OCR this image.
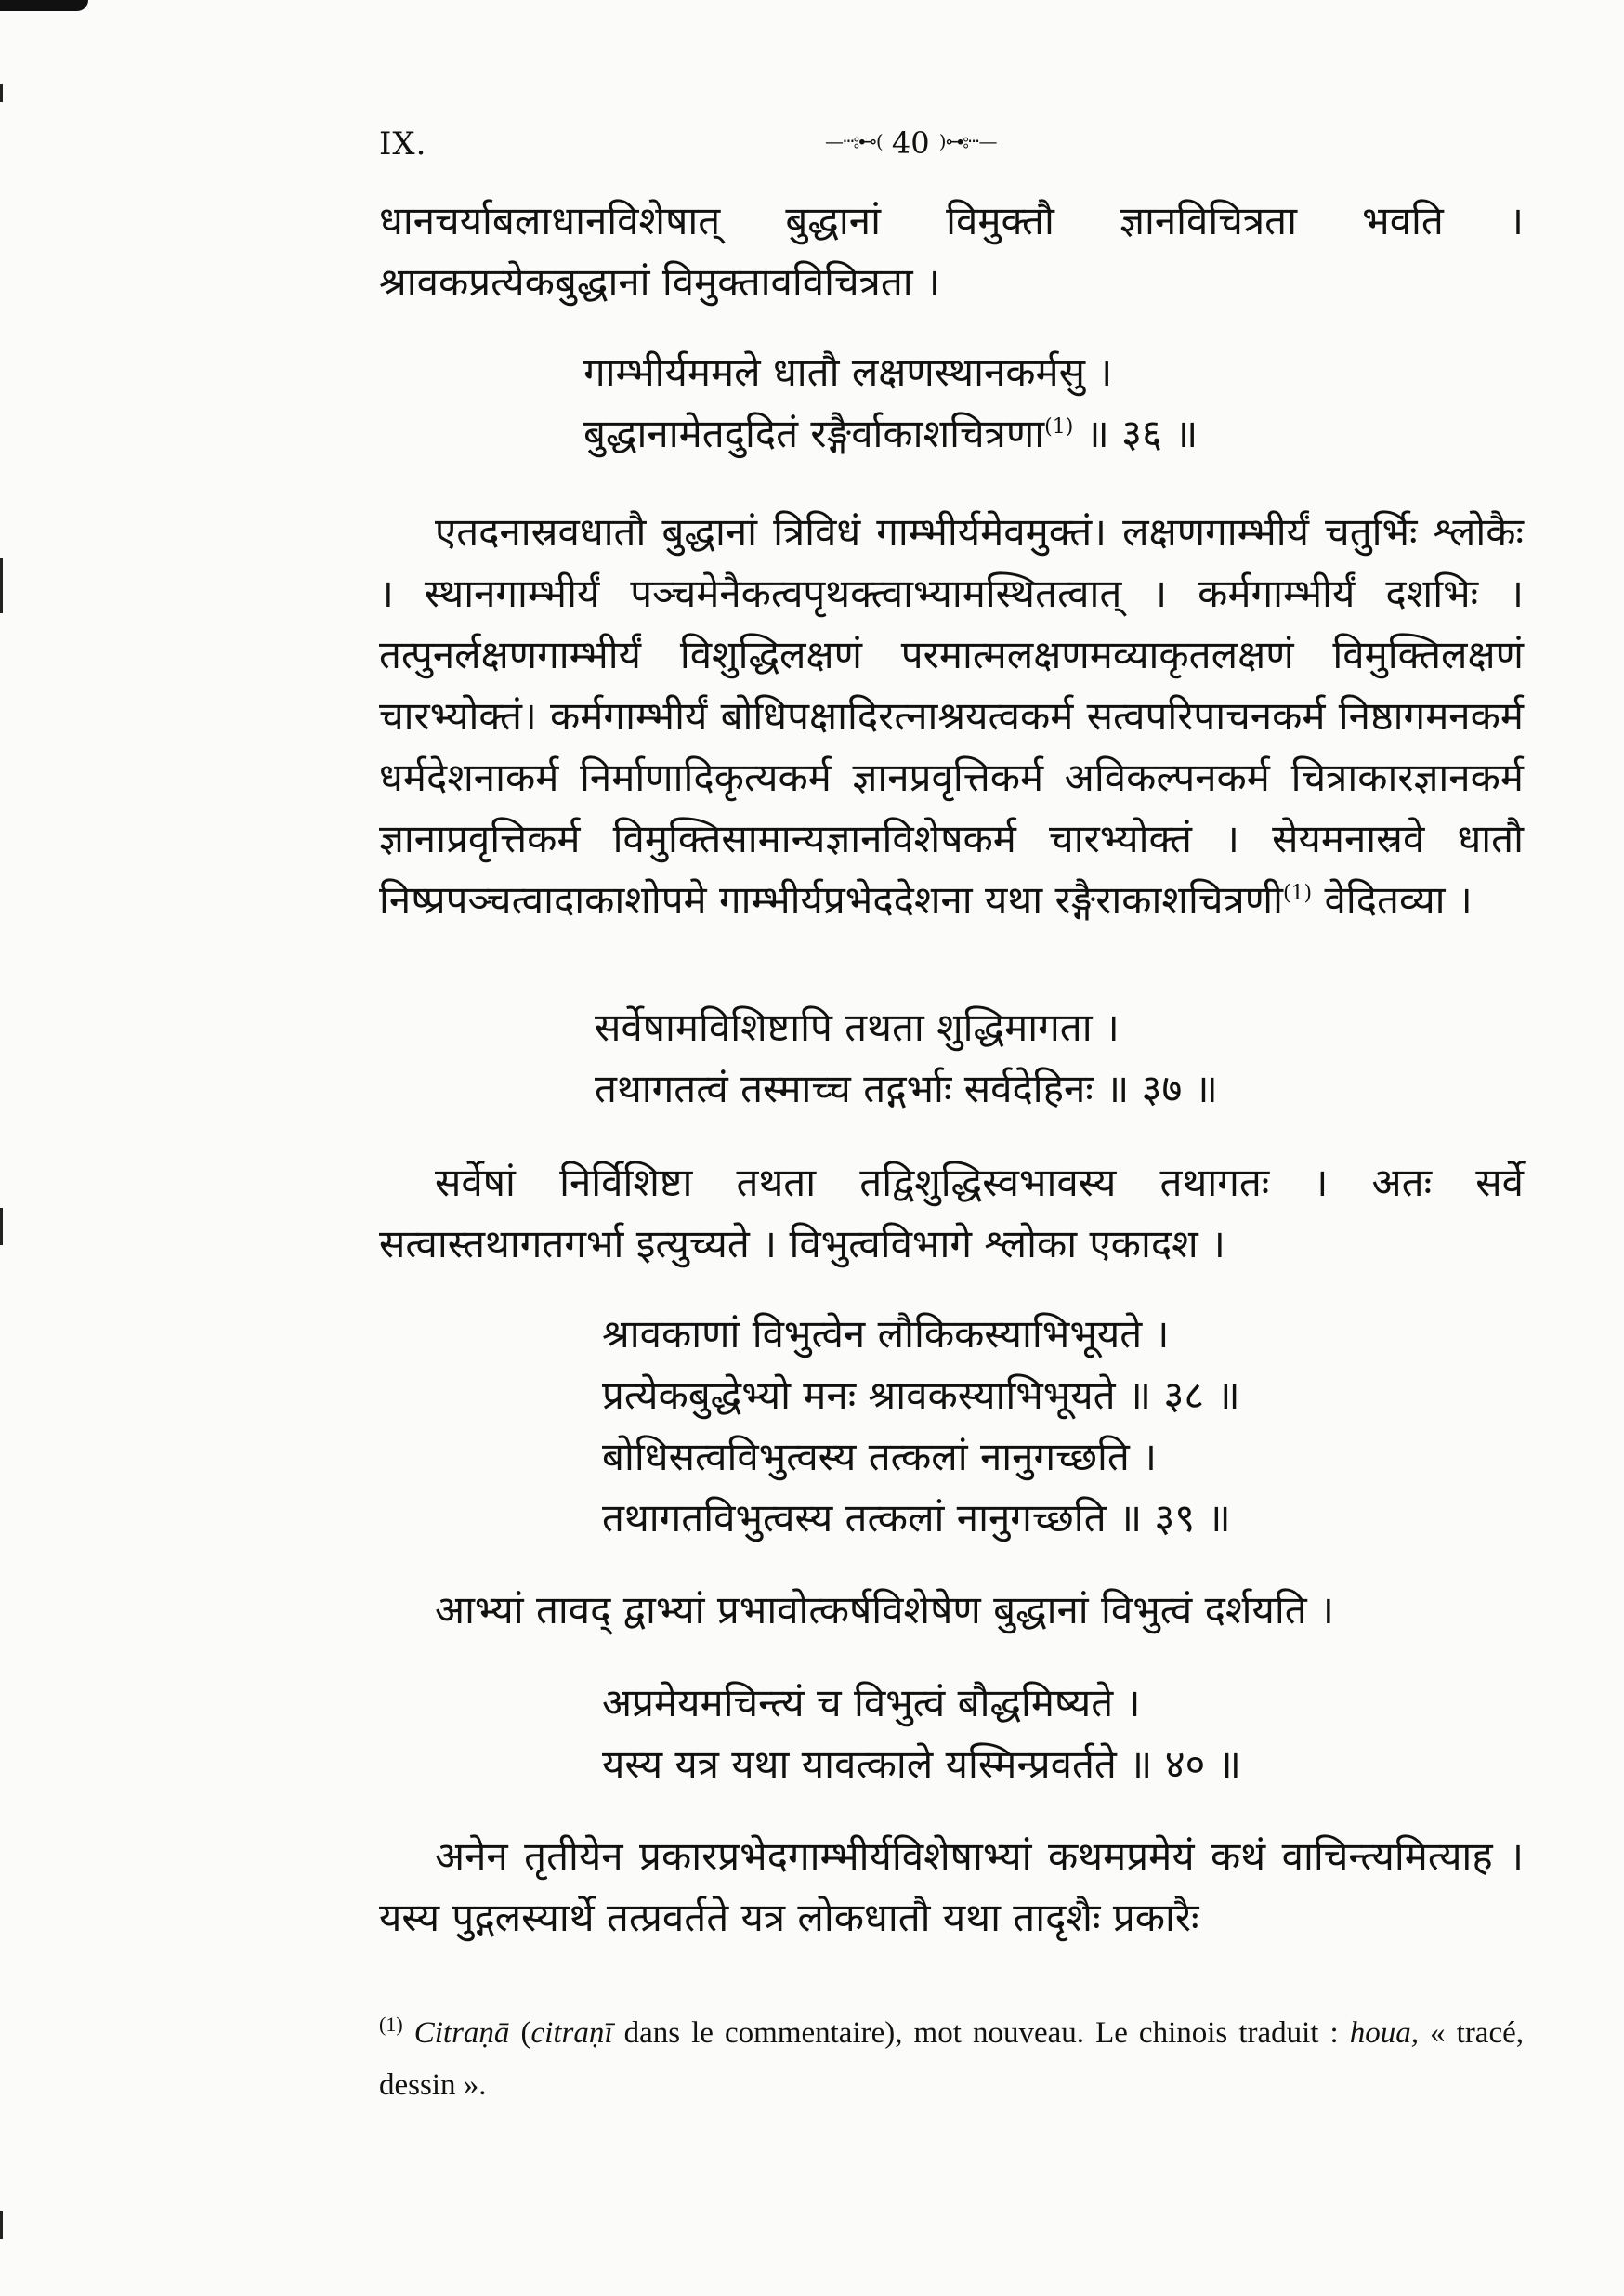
IX.	—ⵈ⦂⊷( 40 )⊶⦂ⵈ—

धानचर्याबलाधानविशेषात् बुद्धानां विमुक्तौ ज्ञानविचित्रता भवति । श्रावकप्रत्येकबुद्धानां विमुक्तावविचित्रता ।

गाम्भीर्यममले धातौ लक्षणस्थानकर्मसु ।
बुद्धानामेतदुदितं रङ्गैर्वाकाशचित्रणा$^{(1)}$ ॥ ३६ ॥

एतदनास्रवधातौ बुद्धानां त्रिविधं गाम्भीर्यमेवमुक्तं। लक्षणगाम्भीर्यं चतुर्भिः श्लोकैः । स्थानगाम्भीर्यं पञ्चमेनैकत्वपृथक्त्वाभ्यामस्थितत्वात् । कर्मगाम्भीर्यं दशभिः । तत्पुनर्लक्षणगाम्भीर्यं विशुद्धिलक्षणं परमात्मलक्षणमव्याकृतलक्षणं विमुक्तिलक्षणं चारभ्योक्तं। कर्मगाम्भीर्यं बोधिपक्षादिरत्नाश्रयत्वकर्म सत्वपरिपाचनकर्म निष्ठागमनकर्म धर्मदेशनाकर्म निर्माणादिकृत्यकर्म ज्ञानप्रवृत्तिकर्म अविकल्पनकर्म चित्राकारज्ञानकर्म ज्ञानाप्रवृत्तिकर्म विमुक्तिसामान्यज्ञानविशेषकर्म चारभ्योक्तं । सेयमनास्रवे धातौ निष्प्रपञ्चत्वादाकाशोपमे गाम्भीर्यप्रभेददेशना यथा रङ्गैराकाशचित्रणी$^{(1)}$ वेदितव्या ।

सर्वेषामविशिष्टापि तथता शुद्धिमागता ।
तथागतत्वं तस्माच्च तद्गर्भाः सर्वदेहिनः ॥ ३७ ॥

सर्वेषां निर्विशिष्टा तथता तद्विशुद्धिस्वभावस्य तथागतः । अतः सर्वे सत्वास्तथागतगर्भा इत्युच्यते । विभुत्वविभागे श्लोका एकादश ।

श्रावकाणां विभुत्वेन लौकिकस्याभिभूयते ।
प्रत्येकबुद्धेभ्यो मनः श्रावकस्याभिभूयते ॥ ३८ ॥
बोधिसत्वविभुत्वस्य तत्कलां नानुगच्छति ।
तथागतविभुत्वस्य तत्कलां नानुगच्छति ॥ ३९ ॥

आभ्यां तावद् द्वाभ्यां प्रभावोत्कर्षविशेषेण बुद्धानां विभुत्वं दर्शयति ।

अप्रमेयमचिन्त्यं च विभुत्वं बौद्धमिष्यते ।
यस्य यत्र यथा यावत्काले यस्मिन्प्रवर्तते ॥ ४० ॥

अनेन तृतीयेन प्रकारप्रभेदगाम्भीर्यविशेषाभ्यां कथमप्रमेयं कथं वाचिन्त्यमित्याह । यस्य पुद्गलस्यार्थे तत्प्रवर्तते यत्र लोकधातौ यथा तादृशैः प्रकारैः

$^{(1)}$ Citraṇā (citraṇī dans le commentaire), mot nouveau. Le chinois traduit : houa, « tracé, dessin ».
